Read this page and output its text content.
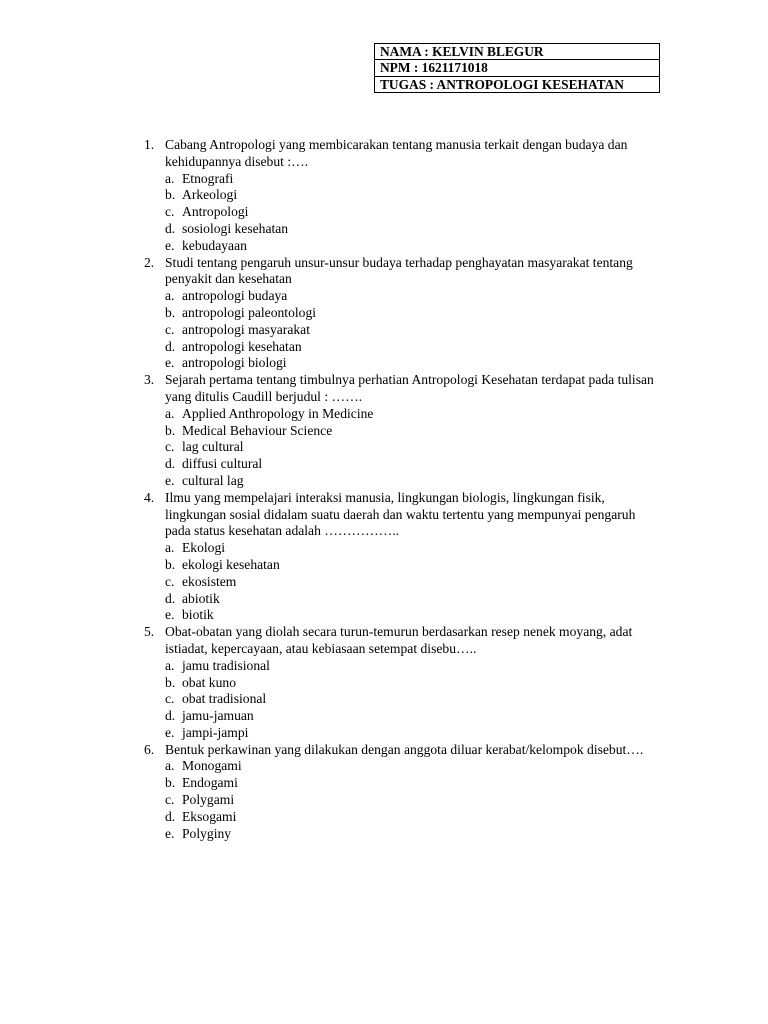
NAMA : KELVIN BLEGUR
NPM : 1621171018
TUGAS : ANTROPOLOGI KESEHATAN
1. Cabang Antropologi yang membicarakan tentang manusia terkait dengan budaya dan kehidupannya disebut :….
a. Etnografi
b. Arkeologi
c. Antropologi
d. sosiologi kesehatan
e. kebudayaan
2. Studi tentang pengaruh unsur-unsur budaya terhadap penghayatan masyarakat tentang penyakit dan kesehatan
a. antropologi budaya
b. antropologi paleontologi
c. antropologi masyarakat
d. antropologi kesehatan
e. antropologi biologi
3. Sejarah pertama tentang timbulnya perhatian Antropologi Kesehatan terdapat pada tulisan yang ditulis Caudill berjudul : …….
a. Applied Anthropology in Medicine
b. Medical Behaviour Science
c. lag cultural
d. diffusi cultural
e. cultural lag
4. Ilmu yang mempelajari interaksi manusia, lingkungan biologis, lingkungan fisik, lingkungan sosial didalam suatu daerah dan waktu tertentu yang mempunyai pengaruh pada status kesehatan adalah ……………..
a. Ekologi
b. ekologi kesehatan
c. ekosistem
d. abiotik
e. biotik
5. Obat-obatan yang diolah secara turun-temurun berdasarkan resep nenek moyang, adat istiadat, kepercayaan, atau kebiasaan setempat disebu…..
a. jamu tradisional
b. obat kuno
c. obat tradisional
d. jamu-jamuan
e. jampi-jampi
6. Bentuk perkawinan yang dilakukan dengan anggota diluar kerabat/kelompok disebut….
a. Monogami
b. Endogami
c. Polygami
d. Eksogami
e. Polyginy
